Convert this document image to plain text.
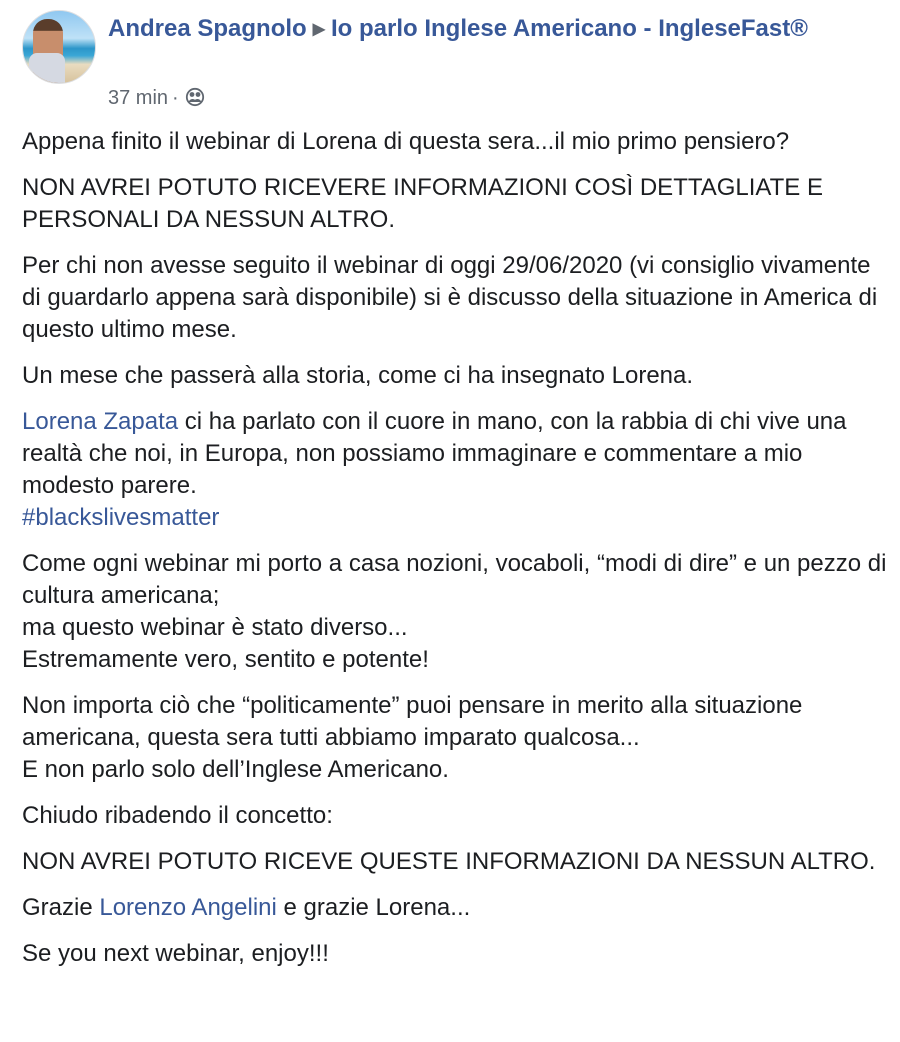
Andrea Spagnolo ▶ Io parlo Inglese Americano - IngleseFast®
37 min ·

Appena finito il webinar di Lorena di questa sera...il mio primo pensiero?

NON AVREI POTUTO RICEVERE INFORMAZIONI COSÌ DETTAGLIATE E PERSONALI DA NESSUN ALTRO.

Per chi non avesse seguito il webinar di oggi 29/06/2020 (vi consiglio vivamente di guardarlo appena sarà disponibile) si è discusso della situazione in America di questo ultimo mese.

Un mese che passerà alla storia, come ci ha insegnato Lorena.

Lorena Zapata ci ha parlato con il cuore in mano, con la rabbia di chi vive una realtà che noi, in Europa, non possiamo immaginare e commentare a mio modesto parere.
#blackslivesmatter

Come ogni webinar mi porto a casa nozioni, vocaboli, “modi di dire” e un pezzo di cultura americana;
ma questo webinar è stato diverso...
Estremamente vero, sentito e potente!

Non importa ciò che “politicamente” puoi pensare in merito alla situazione americana, questa sera tutti abbiamo imparato qualcosa...
E non parlo solo dell’Inglese Americano.

Chiudo ribadendo il concetto:

NON AVREI POTUTO RICEVE QUESTE INFORMAZIONI DA NESSUN ALTRO.

Grazie Lorenzo Angelini e grazie Lorena...

Se you next webinar, enjoy!!!
